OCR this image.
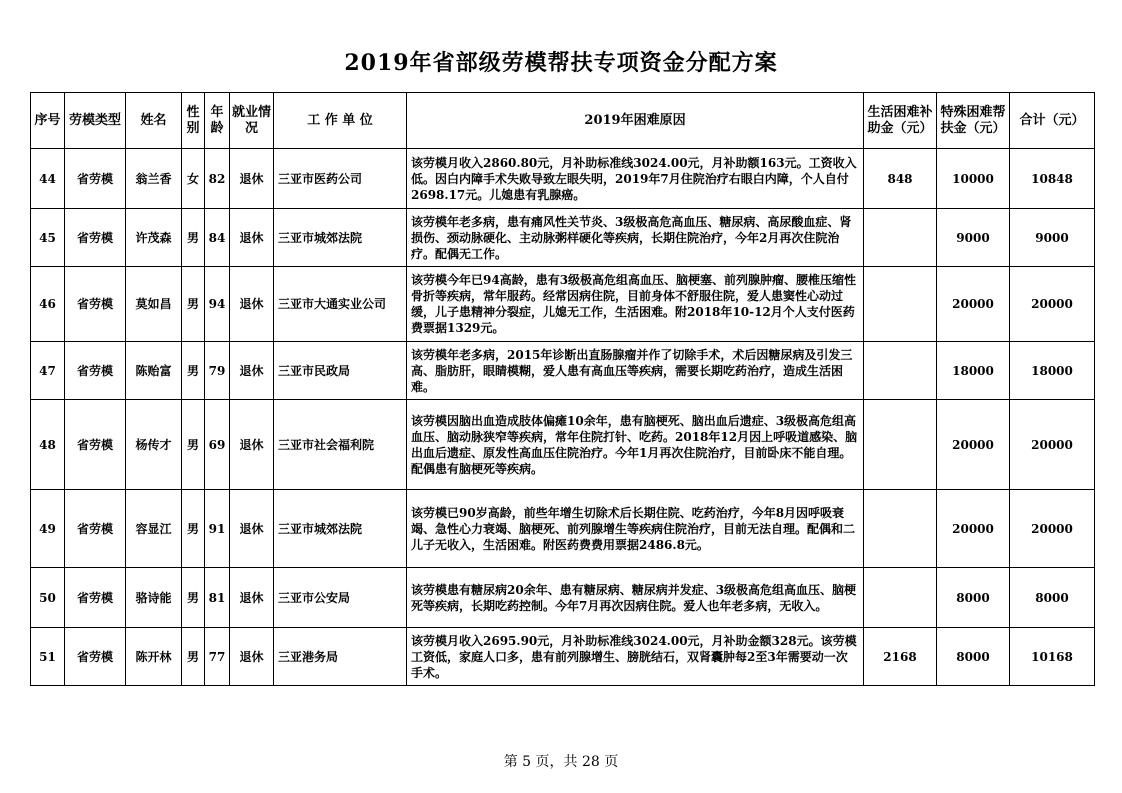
2019年省部级劳模帮扶专项资金分配方案
序号	劳模类型	姓名	性别	年龄	就业情况	工 作 单 位	2019年困难原因	生活困难补助金（元）	特殊困难帮扶金（元）	合计（元）
44	省劳模	翁兰香	女	82	退休	三亚市医药公司	该劳模月收入2860.80元，月补助标准线3024.00元，月补助额163元。工资收入低。因白内障手术失败导致左眼失明，2019年7月住院治疗右眼白内障，个人自付2698.17元。儿媳患有乳腺癌。	848	10000	10848
45	省劳模	许茂森	男	84	退休	三亚市城郊法院	该劳模年老多病，患有痛风性关节炎、3级极高危高血压、糖尿病、高尿酸血症、肾损伤、颈动脉硬化、主动脉粥样硬化等疾病，长期住院治疗，今年2月再次住院治疗。配偶无工作。		9000	9000
46	省劳模	莫如昌	男	94	退休	三亚市大通实业公司	该劳模今年已94高龄，患有3级极高危组高血压、脑梗塞、前列腺肿瘤、腰椎压缩性骨折等疾病，常年服药。经常因病住院，目前身体不舒服住院，爱人患窦性心动过缓，儿子患精神分裂症，儿媳无工作，生活困难。附2018年10-12月个人支付医药费票据1329元。		20000	20000
47	省劳模	陈贻富	男	79	退休	三亚市民政局	该劳模年老多病，2015年诊断出直肠腺瘤并作了切除手术，术后因糖尿病及引发三高、脂肪肝，眼睛模糊，爱人患有高血压等疾病，需要长期吃药治疗，造成生活困难。		18000	18000
48	省劳模	杨传才	男	69	退休	三亚市社会福利院	该劳模因脑出血造成肢体偏瘫10余年，患有脑梗死、脑出血后遗症、3级极高危组高血压、脑动脉狭窄等疾病，常年住院打针、吃药。2018年12月因上呼吸道感染、脑出血后遗症、原发性高血压住院治疗。今年1月再次住院治疗，目前卧床不能自理。配偶患有脑梗死等疾病。		20000	20000
49	省劳模	容显江	男	91	退休	三亚市城郊法院	该劳模已90岁高龄，前些年增生切除术后长期住院、吃药治疗，今年8月因呼吸衰竭、急性心力衰竭、脑梗死、前列腺增生等疾病住院治疗，目前无法自理。配偶和二儿子无收入，生活困难。附医药费费用票据2486.8元。		20000	20000
50	省劳模	骆诗能	男	81	退休	三亚市公安局	该劳模患有糖尿病20余年、患有糖尿病、糖尿病并发症、3级极高危组高血压、脑梗死等疾病，长期吃药控制。今年7月再次因病住院。爱人也年老多病，无收入。		8000	8000
51	省劳模	陈开林	男	77	退休	三亚港务局	该劳模月收入2695.90元，月补助标准线3024.00元，月补助金额328元。该劳模工资低，家庭人口多，患有前列腺增生、膀胱结石，双肾囊肿每2至3年需要动一次手术。	2168	8000	10168
第 5 页，共 28 页
